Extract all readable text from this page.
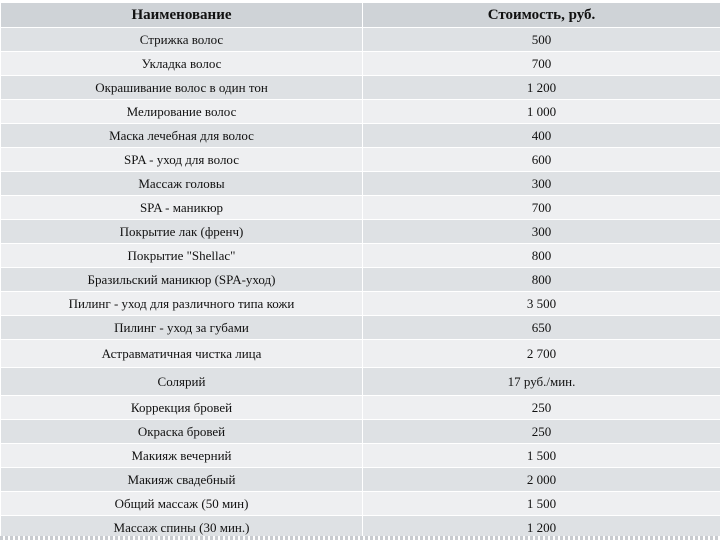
Наименование	Стоимость, руб.
Стрижка волос	500
Укладка волос	700
Окрашивание волос в один тон	1 200
Мелирование волос	1 000
Маска лечебная для волос	400
SPA - уход для волос	600
Массаж головы	300
SPA - маникюр	700
Покрытие лак (френч)	300
Покрытие "Shellac"	800
Бразильский маникюр (SPA-уход)	800
Пилинг - уход для различного типа кожи	3 500
Пилинг - уход за губами	650
Астравматичная чистка лица	2 700
Солярий	17 руб./мин.
Коррекция бровей	250
Окраска бровей	250
Макияж вечерний	1 500
Макияж свадебный	2 000
Общий массаж (50 мин)	1 500
Массаж спины (30 мин.)	1 200
